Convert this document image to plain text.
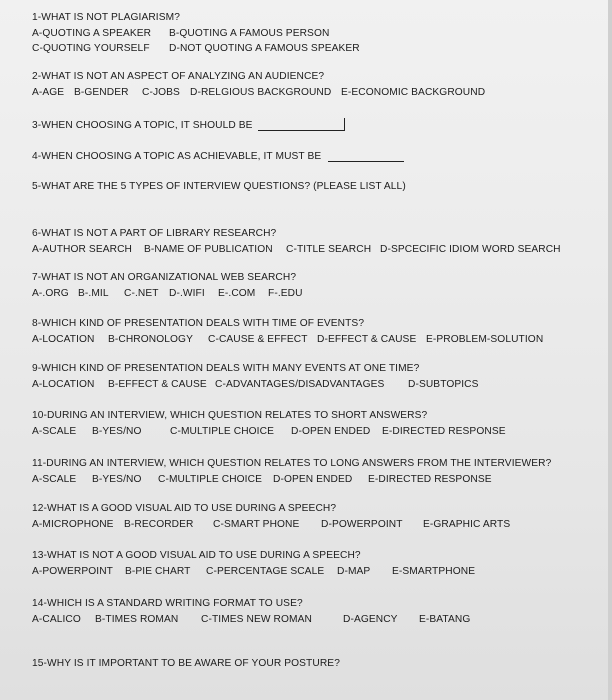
1-WHAT IS NOT PLAGIARISM?
A-QUOTING A SPEAKER B-QUOTING A FAMOUS PERSON
C-QUOTING YOURSELF D-NOT QUOTING A FAMOUS SPEAKER
2-WHAT IS NOT AN ASPECT OF ANALYZING AN AUDIENCE?
A-AGE B-GENDER C-JOBS D-RELGIOUS BACKGROUND E-ECONOMIC BACKGROUND
3-WHEN CHOOSING A TOPIC, IT SHOULD BE
4-WHEN CHOOSING A TOPIC AS ACHIEVABLE, IT MUST BE
5-WHAT ARE THE 5 TYPES OF INTERVIEW QUESTIONS? (PLEASE LIST ALL)
6-WHAT IS NOT A PART OF LIBRARY RESEARCH?
A-AUTHOR SEARCH B-NAME OF PUBLICATION C-TITLE SEARCH D-SPCECIFIC IDIOM WORD SEARCH
7-WHAT IS NOT AN ORGANIZATIONAL WEB SEARCH?
A-.ORG B-.MIL C-.NET D-.WIFI E-.COM F-.EDU
8-WHICH KIND OF PRESENTATION DEALS WITH TIME OF EVENTS?
A-LOCATION B-CHRONOLOGY C-CAUSE & EFFECT D-EFFECT & CAUSE E-PROBLEM-SOLUTION
9-WHICH KIND OF PRESENTATION DEALS WITH MANY EVENTS AT ONE TIME?
A-LOCATION B-EFFECT & CAUSE C-ADVANTAGES/DISADVANTAGES D-SUBTOPICS
10-DURING AN INTERVIEW, WHICH QUESTION RELATES TO SHORT ANSWERS?
A-SCALE B-YES/NO	C-MULTIPLE CHOICE D-OPEN ENDED E-DIRECTED RESPONSE
11-DURING AN INTERVIEW, WHICH QUESTION RELATES TO LONG ANSWERS FROM THE INTERVIEWER?
A-SCALE B-YES/NO C-MULTIPLE CHOICE D-OPEN ENDED E-DIRECTED RESPONSE
12-WHAT IS A GOOD VISUAL AID TO USE DURING A SPEECH?
A-MICROPHONE B-RECORDER C-SMART PHONE D-POWERPOINT E-GRAPHIC ARTS
13-WHAT IS NOT A GOOD VISUAL AID TO USE DURING A SPEECH?
A-POWERPOINT B-PIE CHART C-PERCENTAGE SCALE D-MAP E-SMARTPHONE
14-WHICH IS A STANDARD WRITING FORMAT TO USE?
A-CALICO B-TIMES ROMAN C-TIMES NEW ROMAN	D-AGENCY E-BATANG
15-WHY IS IT IMPORTANT TO BE AWARE OF YOUR POSTURE?
